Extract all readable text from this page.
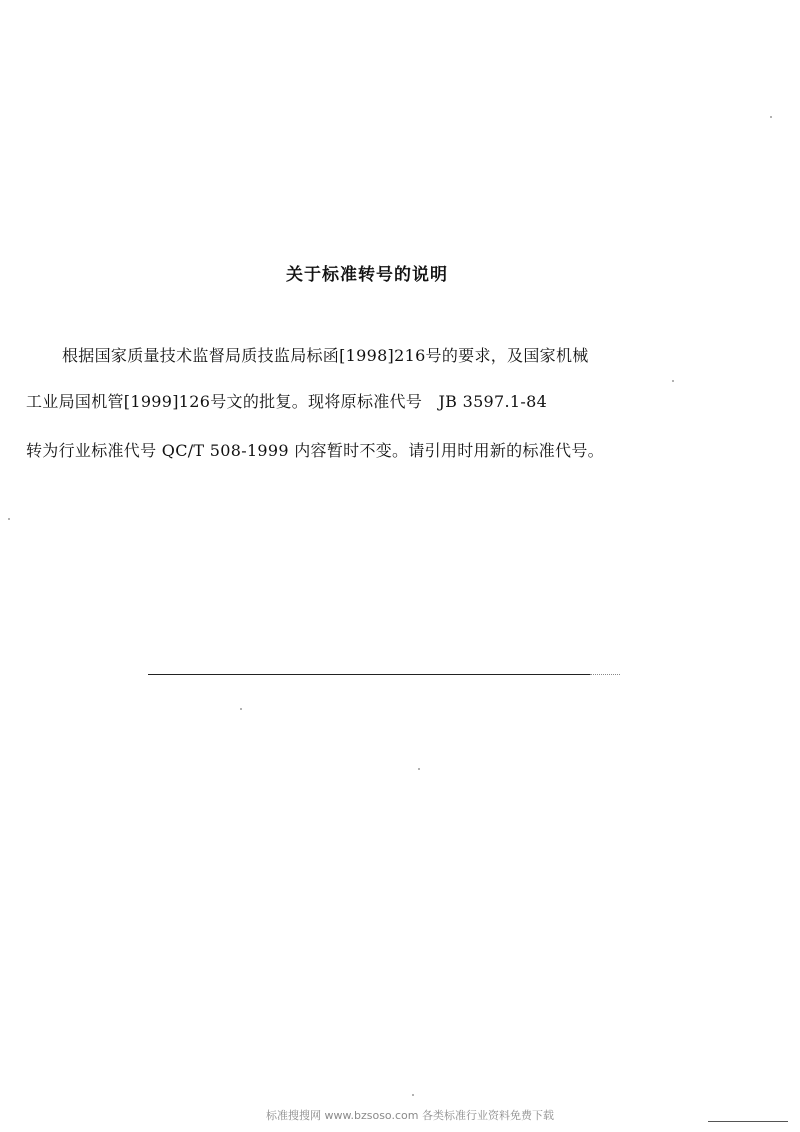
关于标准转号的说明
根据国家质量技术监督局质技监局标函[1998]216号的要求，及国家机械
工业局国机管[1999]126号文的批复。现将原标准代号　JB 3597.1-84
转为行业标准代号 QC/T 508-1999 内容暂时不变。请引用时用新的标准代号。
标准搜搜网 www.bzsoso.com 各类标准行业资料免费下载
